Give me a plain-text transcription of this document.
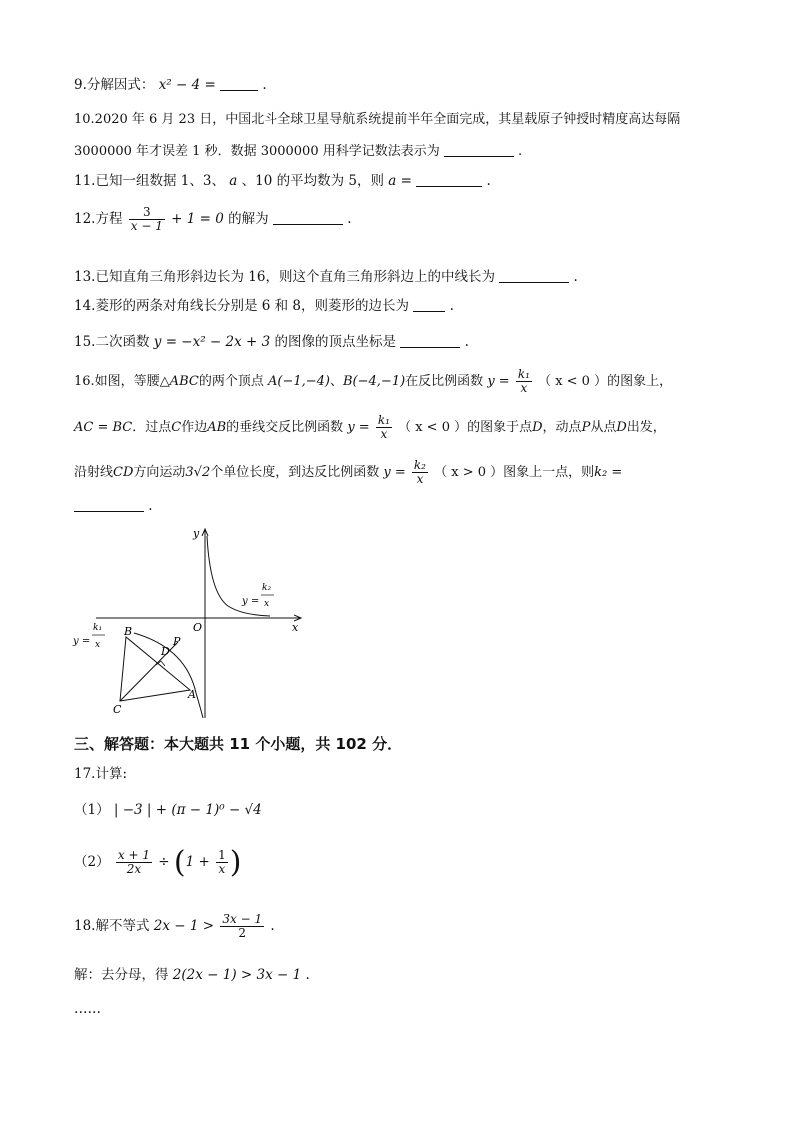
9.分解因式： x² − 4 =	.
10.2020 年 6 月 23 日，中国北斗全球卫星导航系统提前半年全面完成，其星载原子钟授时精度高达每隔
3000000 年才误差 1 秒．数据 3000000 用科学记数法表示为	.
11.已知一组数据 1、3、 a 、10 的平均数为 5，则 a =	.
12.方程 $\frac{3}{x - 1} + 1 = 0$ 的解为	.
13.已知直角三角形斜边长为 16，则这个直角三角形斜边上的中线长为	.
14.菱形的两条对角线长分别是 6 和 8，则菱形的边长为	.
15.二次函数 y = −x² − 2x + 3 的图像的顶点坐标是	.
16.如图，等腰△ABC的两个顶点 A(−1,−4)、B(−4,−1)在反比例函数 $y = \frac{\text{k₁}}{x}$ （ x < 0 ）的图象上，
AC = BC．过点C作边AB的垂线交反比例函数 $y = \frac{\text{k₁}}{x}$ （ x < 0 ）的图象于点D，动点P从点D出发，
沿射线CD方向运动3√2个单位长度，到达反比例函数 $y = \frac{\text{k₂}}{x}$ （ x > 0 ）图象上一点，则k₂ =
.
y
x
O
B
A
C
D
P
y =
k₂
x
y =
k₁
x
三、解答题：本大题共 11 个小题，共 102 分．
17.计算:
（1） | −3 | + (π − 1)⁰ − √4
$(2) \frac{x + 1}{2x} \div (1 + \frac{1}{x}$ )
18.解不等式 $2x - 1 > \frac{3x - 1}{2}$ .
解：去分母，得 2(2x − 1) > 3x − 1 .
……
